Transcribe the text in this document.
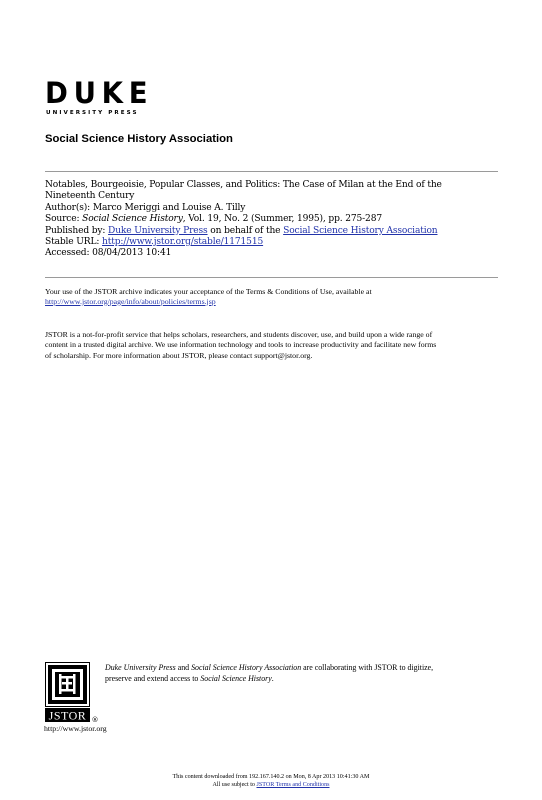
DUKE
UNIVERSITY PRESS
Social Science History Association
Notables, Bourgeoisie, Popular Classes, and Politics: The Case of Milan at the End of the
Nineteenth Century
Author(s): Marco Meriggi and Louise A. Tilly
Source: Social Science History, Vol. 19, No. 2 (Summer, 1995), pp. 275-287
Published by: Duke University Press on behalf of the Social Science History Association
Stable URL: http://www.jstor.org/stable/1171515
Accessed: 08/04/2013 10:41
Your use of the JSTOR archive indicates your acceptance of the Terms & Conditions of Use, available at
http://www.jstor.org/page/info/about/policies/terms.jsp
JSTOR is a not-for-profit service that helps scholars, researchers, and students discover, use, and build upon a wide range of
content in a trusted digital archive. We use information technology and tools to increase productivity and facilitate new forms
of scholarship. For more information about JSTOR, please contact support@jstor.org.
JSTOR ®
http://www.jstor.org
Duke University Press and Social Science History Association are collaborating with JSTOR to digitize,
preserve and extend access to Social Science History.
This content downloaded from 192.167.140.2 on Mon, 8 Apr 2013 10:41:30 AM
All use subject to JSTOR Terms and Conditions
